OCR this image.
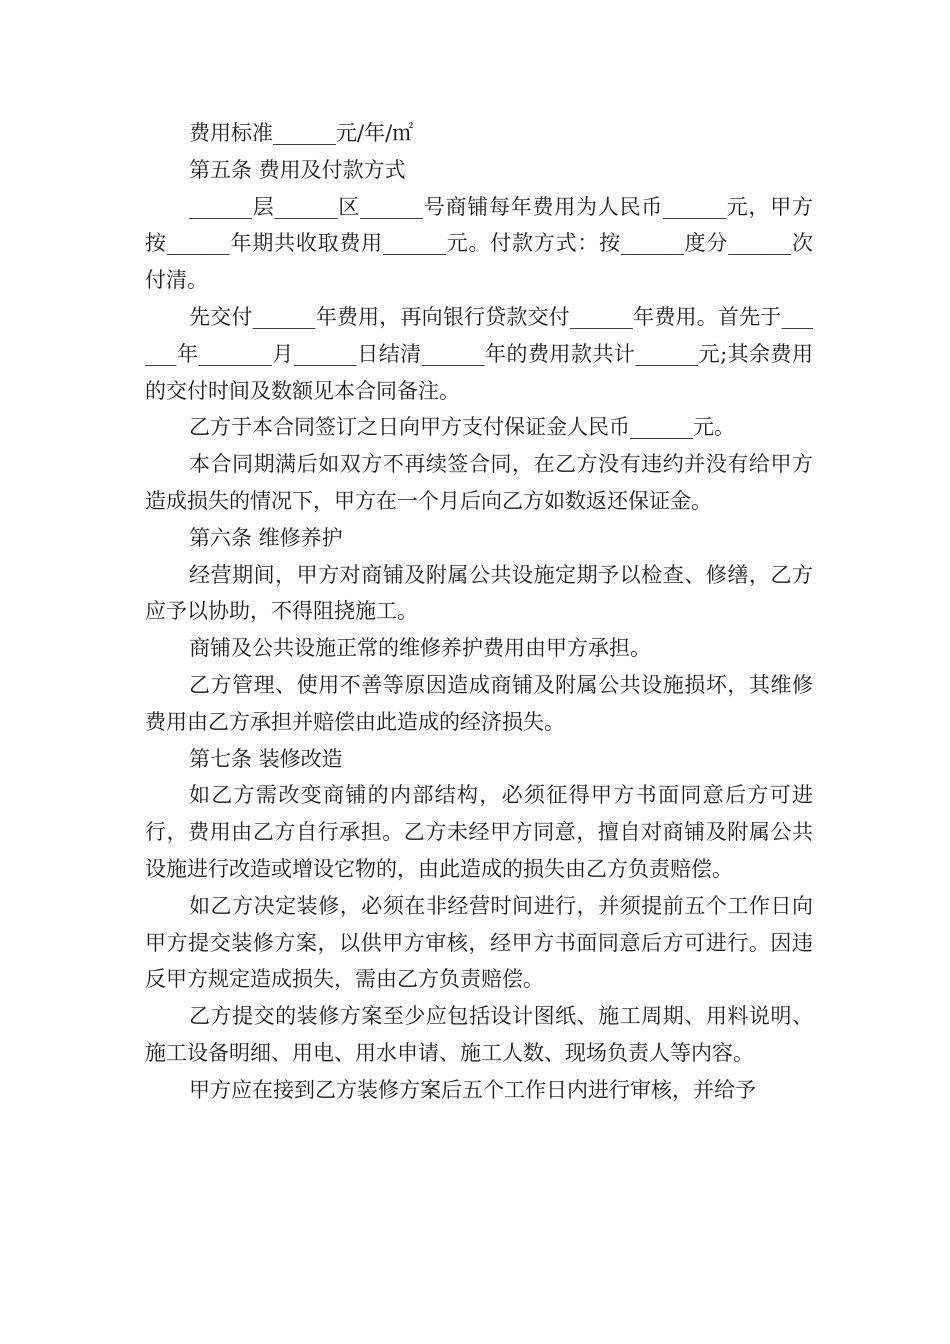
费用标准______元/年/㎡

第五条 费用及付款方式

______层______区______号商铺每年费用为人民币______元，甲方按______年期共收取费用______元。付款方式：按______度分______次付清。

先交付______年费用，再向银行贷款交付______年费用。首先于______年_______月______日结清______年的费用款共计______元;其余费用的交付时间及数额见本合同备注。

乙方于本合同签订之日向甲方支付保证金人民币______元。

本合同期满后如双方不再续签合同，在乙方没有违约并没有给甲方造成损失的情况下，甲方在一个月后向乙方如数返还保证金。

第六条 维修养护

经营期间，甲方对商铺及附属公共设施定期予以检查、修缮，乙方应予以协助，不得阻挠施工。

商铺及公共设施正常的维修养护费用由甲方承担。

乙方管理、使用不善等原因造成商铺及附属公共设施损坏，其维修费用由乙方承担并赔偿由此造成的经济损失。

第七条 装修改造

如乙方需改变商铺的内部结构，必须征得甲方书面同意后方可进行，费用由乙方自行承担。乙方未经甲方同意，擅自对商铺及附属公共设施进行改造或增设它物的，由此造成的损失由乙方负责赔偿。

如乙方决定装修，必须在非经营时间进行，并须提前五个工作日向甲方提交装修方案，以供甲方审核，经甲方书面同意后方可进行。因违反甲方规定造成损失，需由乙方负责赔偿。

乙方提交的装修方案至少应包括设计图纸、施工周期、用料说明、施工设备明细、用电、用水申请、施工人数、现场负责人等内容。

甲方应在接到乙方装修方案后五个工作日内进行审核，并给予
